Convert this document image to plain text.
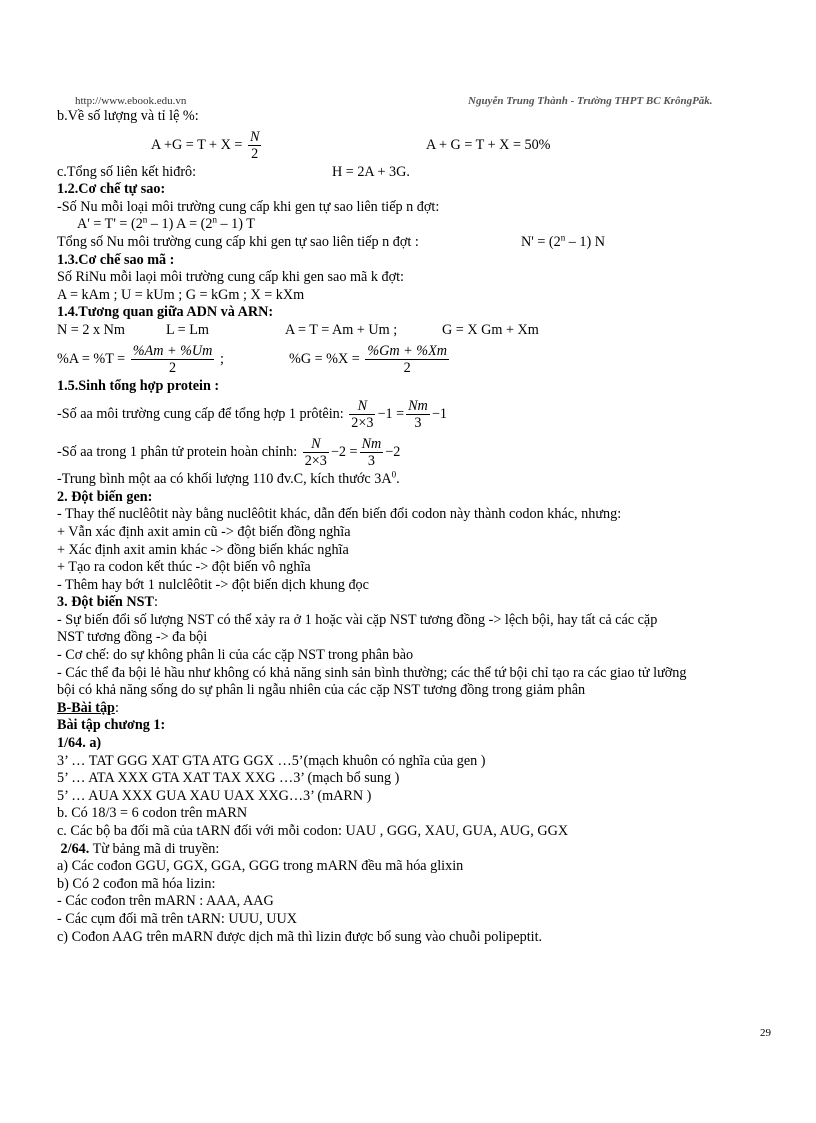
http://www.ebook.edu.vn	Nguyễn Trung Thành - Trường THPT BC KrôngPăk.
b.Về số lượng và tỉ lệ %:
$A +G = T + X = \frac{N}{2}$	A + G = T + X = 50%
c.Tổng số liên kết hiđrô:	H = 2A + 3G.
1.2.Cơ chế tự sao:
-Số Nu mỗi loại môi trường cung cấp khi gen tự sao liên tiếp n đợt:
$A' = T' = (2^n - 1) A = (2^n - 1)$ T
Tổng số Nu môi trường cung cấp khi gen tự sao liên tiếp n đợt :	$N' = (2^n - 1)$ N
1.3.Cơ chế sao mã :
Số RiNu mỗi laọi môi trường cung cấp khi gen sao mã k đợt:
A = kAm ; U = kUm ; G = kGm ; X = kXm
1.4.Tương quan giữa ADN và ARN:
N = 2 x Nm	L = Lm	A = T = Am + Um ;	G = X Gm + Xm
$\%A = \%T = \frac{\%Am + \%Um}{2}$ ;	$\%G = \%X = \frac{\%Gm + \%Xm}{2}$
1.5.Sinh tổng hợp protein :
-Số aa môi trường cung cấp để tổng hợp 1 prôtêin: $\frac{N}{2\times 3} -1 = \frac{Nm}{3} -1$
-Số aa trong 1 phân tử protein hoàn chỉnh: $\frac{N}{2\times 3} -2 = \frac{Nm}{3} -2$
-Trung bình một aa có khối lượng 110 đv.C, kích thước $3A^0$.
2. Đột biến gen:
- Thay thế nuclêôtit này bằng nuclêôtit khác, dẫn đến biến đổi codon này thành codon khác, nhưng:
+ Vẫn xác định axit amin cũ -> đột biến đồng nghĩa
+ Xác định axit amin khác -> đồng biến khác nghĩa
+ Tạo ra codon kết thúc -> đột biến vô nghĩa
- Thêm hay bớt 1 nulclêôtit -> đột biến dịch khung đọc
3. Đột biến NST:
- Sự biến đổi số lượng NST có thể xảy ra ở 1 hoặc vài cặp NST tương đồng -> lệch bội, hay tất cả các cặp
NST tương đồng -> đa bội
- Cơ chế: do sự không phân li của các cặp NST trong phân bào
- Các thể đa bội lẻ hầu như không có khả năng sinh sản bình thường; các thể tứ bội chỉ tạo ra các giao tử lưỡng
bội có khả năng sống do sự phân li ngẫu nhiên của các cặp NST tương đồng trong giảm phân
B-Bài tập:
Bài tập chương 1:
1/64. a)
3’ … TAT GGG XAT GTA ATG GGX …5’(mạch khuôn có nghĩa của gen )
5’ … ATA XXX GTA XAT TAX XXG …3’ (mạch bổ sung )
5’ … AUA XXX GUA XAU UAX XXG…3’ (mARN )
b. Có 18/3 = 6 codon trên mARN
c. Các bộ ba đối mã của tARN đối với mỗi codon: UAU , GGG, XAU, GUA, AUG, GGX
2/64. Từ bảng mã di truyền:
a) Các cođon GGU, GGX, GGA, GGG trong mARN đều mã hóa glixin
b) Có 2 cođon mã hóa lizin:
- Các cođon trên mARN : AAA, AAG
- Các cụm đối mã trên tARN: UUU, UUX
c) Cođon AAG trên mARN được dịch mã thì lizin được bổ sung vào chuỗi polipeptit.
29
